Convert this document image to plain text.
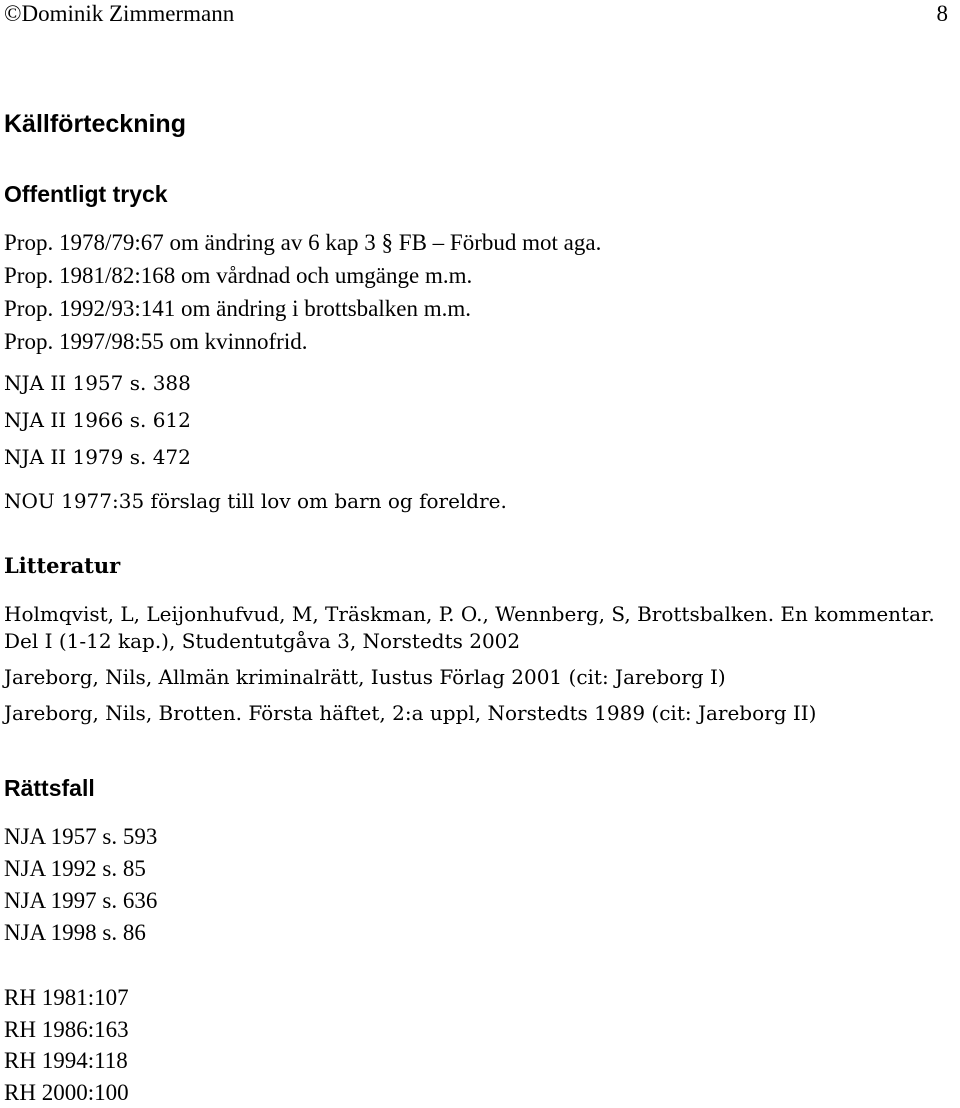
©Dominik Zimmermann	8
Källförteckning
Offentligt tryck
Prop. 1978/79:67 om ändring av 6 kap 3 § FB – Förbud mot aga.
Prop. 1981/82:168 om vårdnad och umgänge m.m.
Prop. 1992/93:141 om ändring i brottsbalken m.m.
Prop. 1997/98:55 om kvinnofrid.
NJA II 1957 s. 388
NJA II 1966 s. 612
NJA II 1979 s. 472

NOU 1977:35 förslag till lov om barn og foreldre.

Litteratur

Holmqvist, L, Leijonhufvud, M, Träskman, P. O., Wennberg, S, Brottsbalken. En kommentar. Del I (1-12 kap.), Studentutgåva 3, Norstedts 2002

Jareborg, Nils, Allmän kriminalrätt, Iustus Förlag 2001 (cit: Jareborg I)

Jareborg, Nils, Brotten. Första häftet, 2:a uppl, Norstedts 1989 (cit: Jareborg II)

Rättsfall
NJA 1957 s. 593
NJA 1992 s. 85
NJA 1997 s. 636
NJA 1998 s. 86
RH 1981:107
RH 1986:163
RH 1994:118
RH 2000:100
